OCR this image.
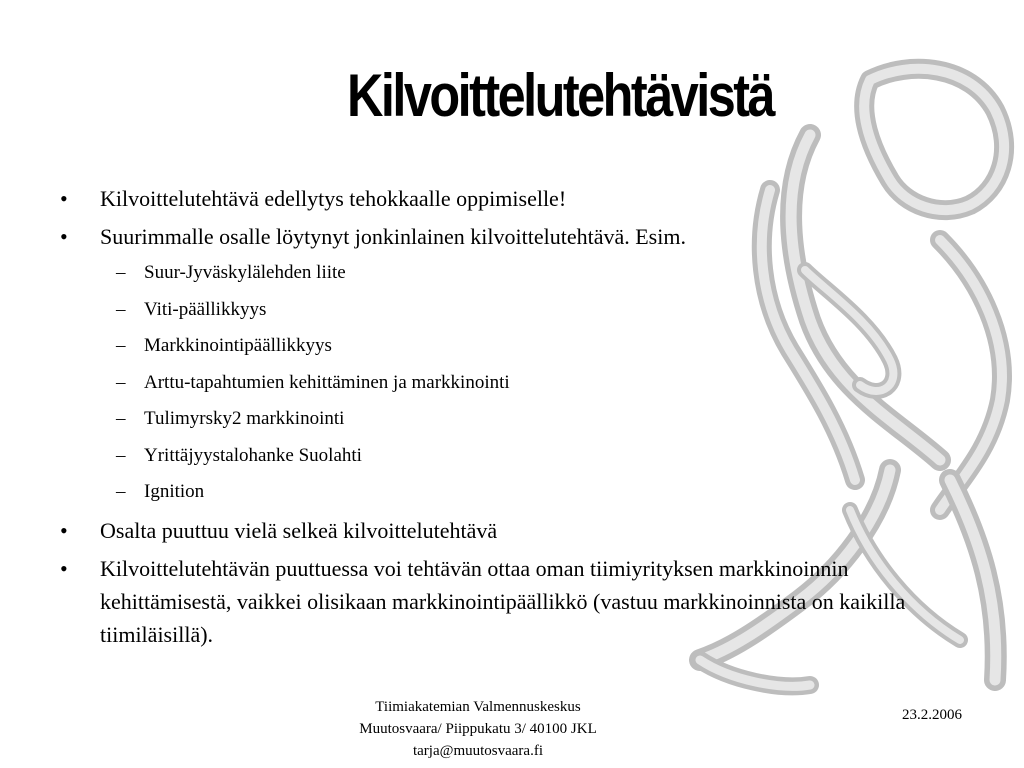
Kilvoittelutehtävistä
• Kilvoittelutehtävä edellytys tehokkaalle oppimiselle!
• Suurimmalle osalle löytynyt jonkinlainen kilvoittelutehtävä. Esim.
– Suur-Jyväskylälehden liite
– Viti-päällikkyys
– Markkinointipäällikkyys
– Arttu-tapahtumien kehittäminen ja markkinointi
– Tulimyrsky2 markkinointi
– Yrittäjyystalohanke Suolahti
– Ignition
• Osalta puuttuu vielä selkeä kilvoittelutehtävä
• Kilvoittelutehtävän puuttuessa voi tehtävän ottaa oman tiimiyrityksen markkinoinnin kehittämisestä, vaikkei olisikaan markkinointipäällikkö (vastuu markkinoinnista on kaikilla tiimiläisillä).
Tiimiakatemian Valmennuskeskus
Muutosvaara/ Piippukatu 3/ 40100 JKL
tarja@muutosvaara.fi
23.2.2006
